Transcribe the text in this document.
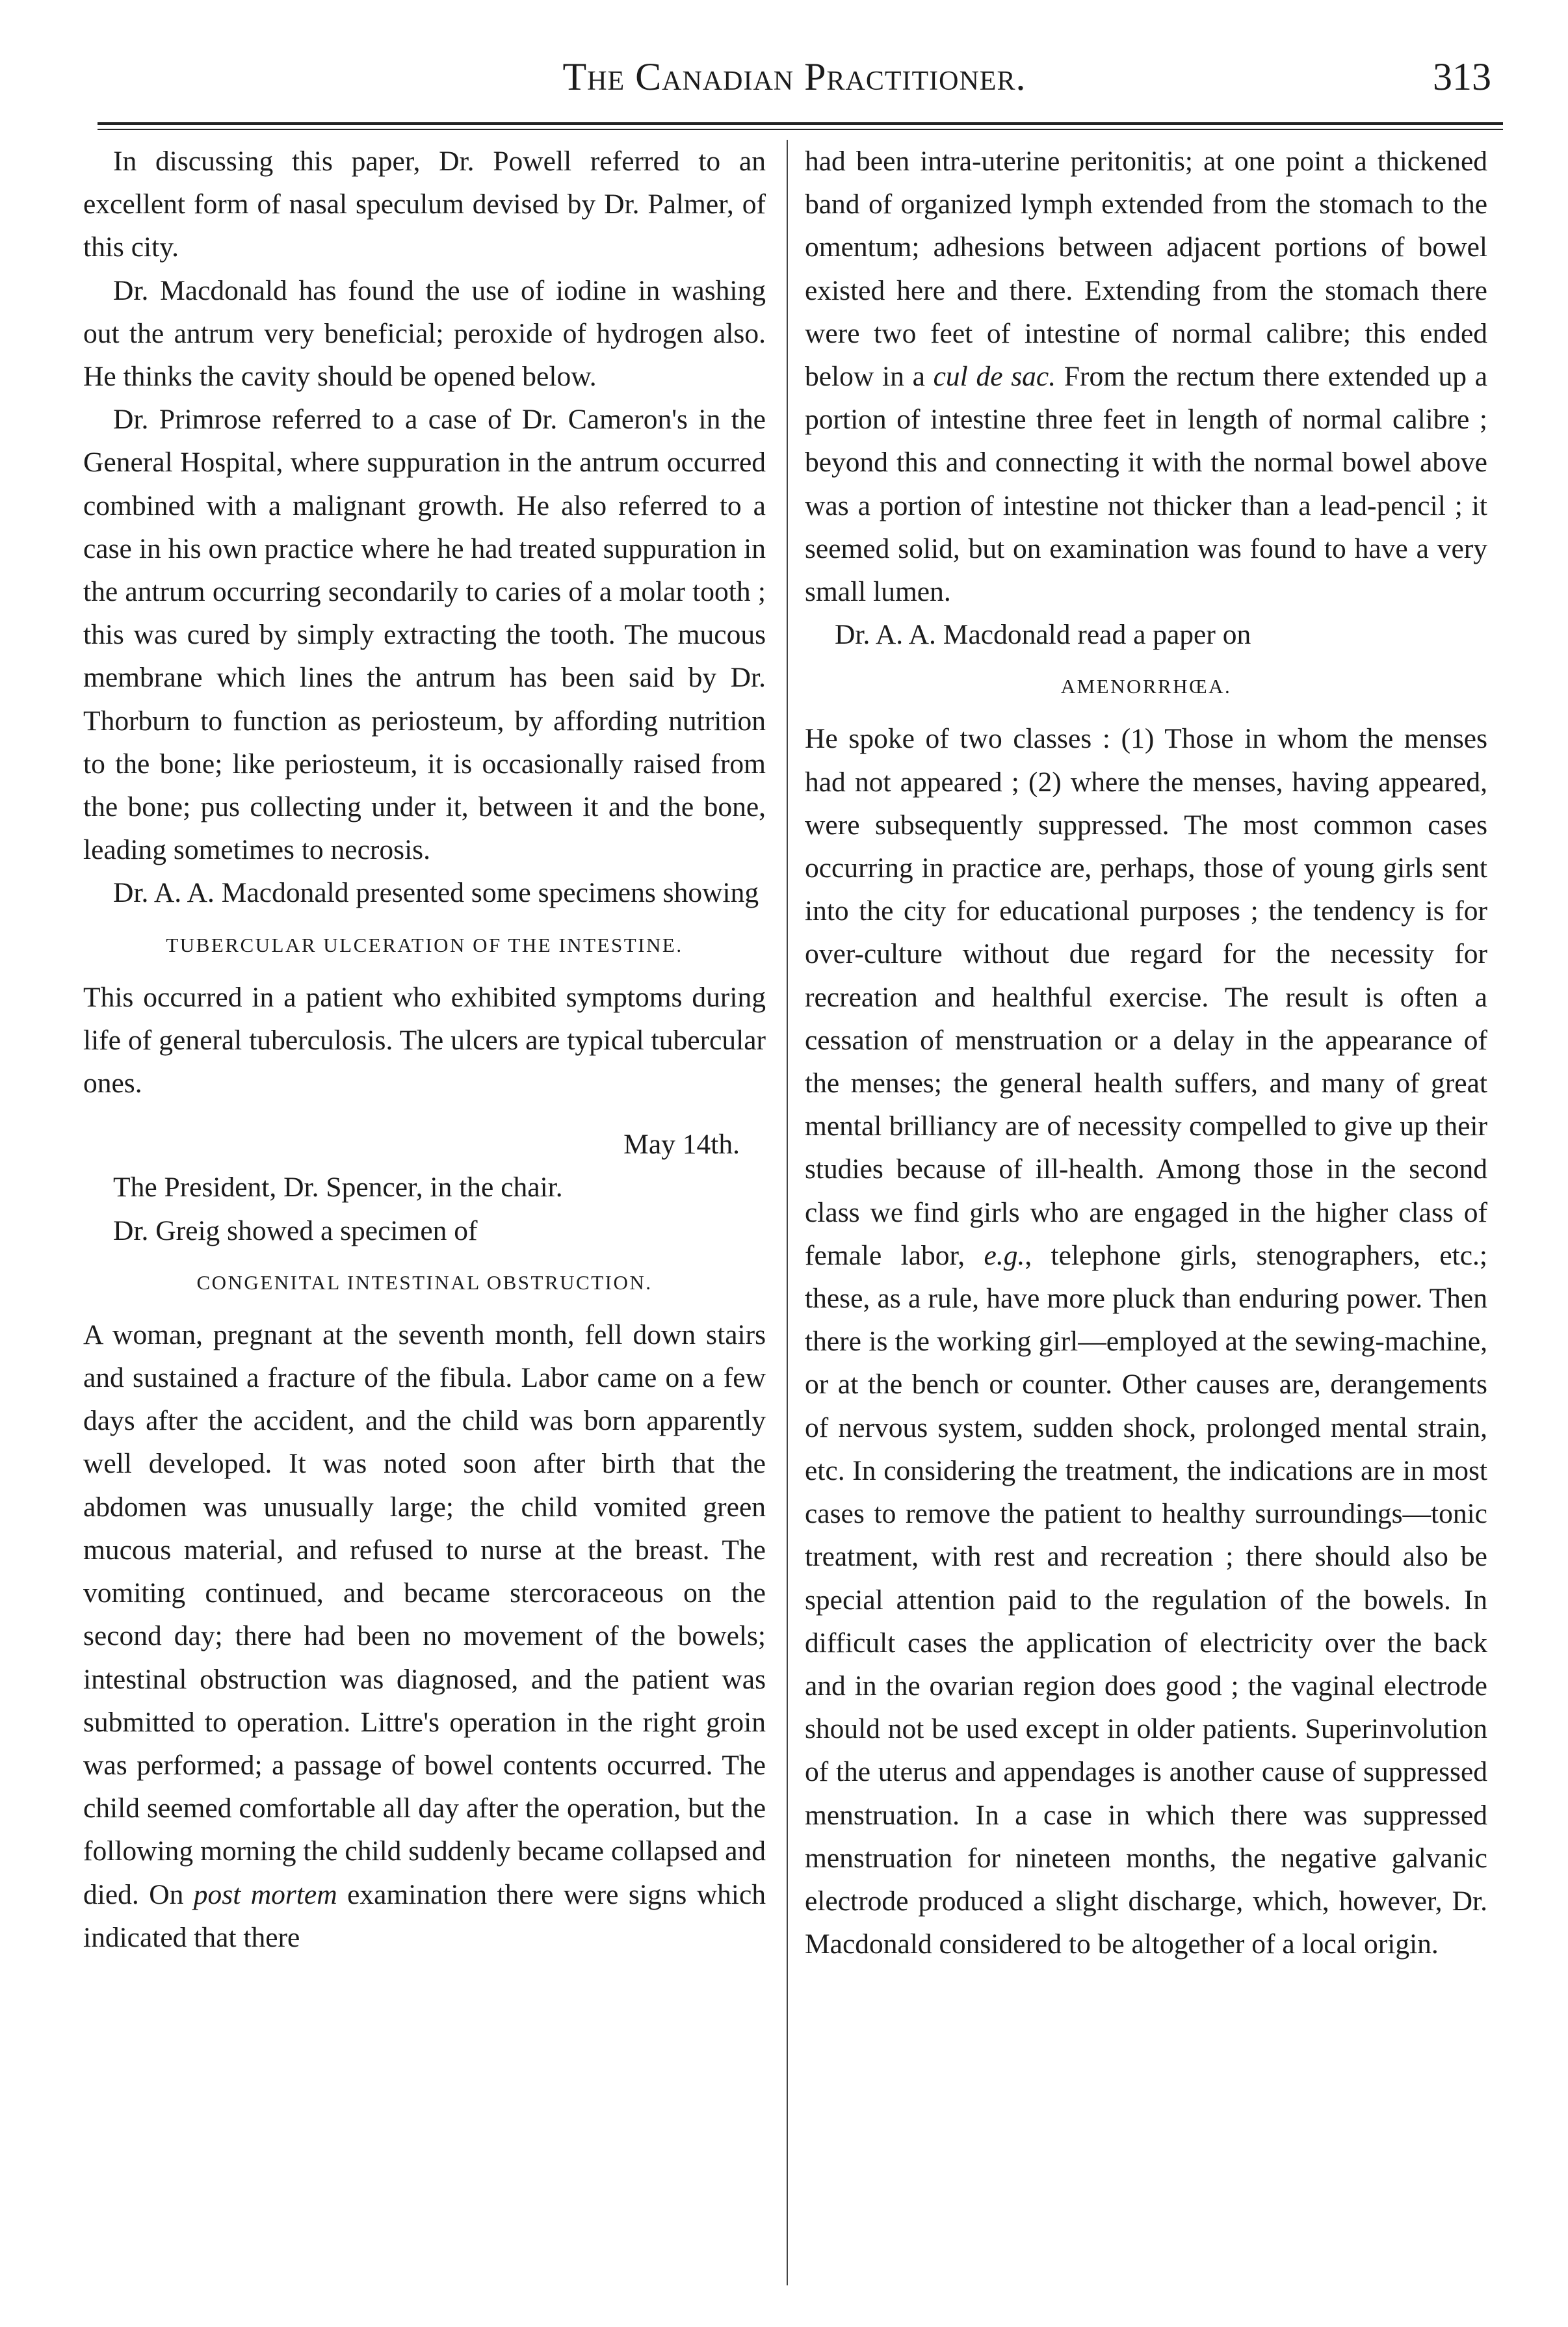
The Canadian Practitioner.	313

In discussing this paper, Dr. Powell referred to an excellent form of nasal speculum devised by Dr. Palmer, of this city.

Dr. Macdonald has found the use of iodine in washing out the antrum very beneficial; peroxide of hydrogen also. He thinks the cavity should be opened below.

Dr. Primrose referred to a case of Dr. Cameron's in the General Hospital, where suppuration in the antrum occurred combined with a malignant growth. He also referred to a case in his own practice where he had treated suppuration in the antrum occurring secondarily to caries of a molar tooth ; this was cured by simply extracting the tooth. The mucous membrane which lines the antrum has been said by Dr. Thorburn to function as periosteum, by affording nutrition to the bone; like periosteum, it is occasionally raised from the bone; pus collecting under it, between it and the bone, leading sometimes to necrosis.

Dr. A. A. Macdonald presented some specimens showing

TUBERCULAR ULCERATION OF THE INTESTINE.

This occurred in a patient who exhibited symptoms during life of general tuberculosis. The ulcers are typical tubercular ones.

May 14th.

The President, Dr. Spencer, in the chair.

Dr. Greig showed a specimen of

CONGENITAL INTESTINAL OBSTRUCTION.

A woman, pregnant at the seventh month, fell down stairs and sustained a fracture of the fibula. Labor came on a few days after the accident, and the child was born apparently well developed. It was noted soon after birth that the abdomen was unusually large; the child vomited green mucous material, and refused to nurse at the breast. The vomiting continued, and became stercoraceous on the second day; there had been no movement of the bowels; intestinal obstruction was diagnosed, and the patient was submitted to operation. Littre's operation in the right groin was performed; a passage of bowel contents occurred. The child seemed comfortable all day after the operation, but the following morning the child suddenly became collapsed and died. On post mortem examination there were signs which indicated that there

had been intra-uterine peritonitis; at one point a thickened band of organized lymph extended from the stomach to the omentum; adhesions between adjacent portions of bowel existed here and there. Extending from the stomach there were two feet of intestine of normal calibre; this ended below in a cul de sac. From the rectum there extended up a portion of intestine three feet in length of normal calibre ; beyond this and connecting it with the normal bowel above was a portion of intestine not thicker than a lead-pencil ; it seemed solid, but on examination was found to have a very small lumen.

Dr. A. A. Macdonald read a paper on

AMENORRHŒA.

He spoke of two classes : (1) Those in whom the menses had not appeared ; (2) where the menses, having appeared, were subsequently suppressed. The most common cases occurring in practice are, perhaps, those of young girls sent into the city for educational purposes ; the tendency is for over-culture without due regard for the necessity for recreation and healthful exercise. The result is often a cessation of menstruation or a delay in the appearance of the menses; the general health suffers, and many of great mental brilliancy are of necessity compelled to give up their studies because of ill-health. Among those in the second class we find girls who are engaged in the higher class of female labor, e.g., telephone girls, stenographers, etc.; these, as a rule, have more pluck than enduring power. Then there is the working girl—employed at the sewing-machine, or at the bench or counter. Other causes are, derangements of nervous system, sudden shock, prolonged mental strain, etc. In considering the treatment, the indications are in most cases to remove the patient to healthy surroundings—tonic treatment, with rest and recreation ; there should also be special attention paid to the regulation of the bowels. In difficult cases the application of electricity over the back and in the ovarian region does good ; the vaginal electrode should not be used except in older patients. Superinvolution of the uterus and appendages is another cause of suppressed menstruation. In a case in which there was suppressed menstruation for nineteen months, the negative galvanic electrode produced a slight discharge, which, however, Dr. Macdonald considered to be altogether of a local origin.
